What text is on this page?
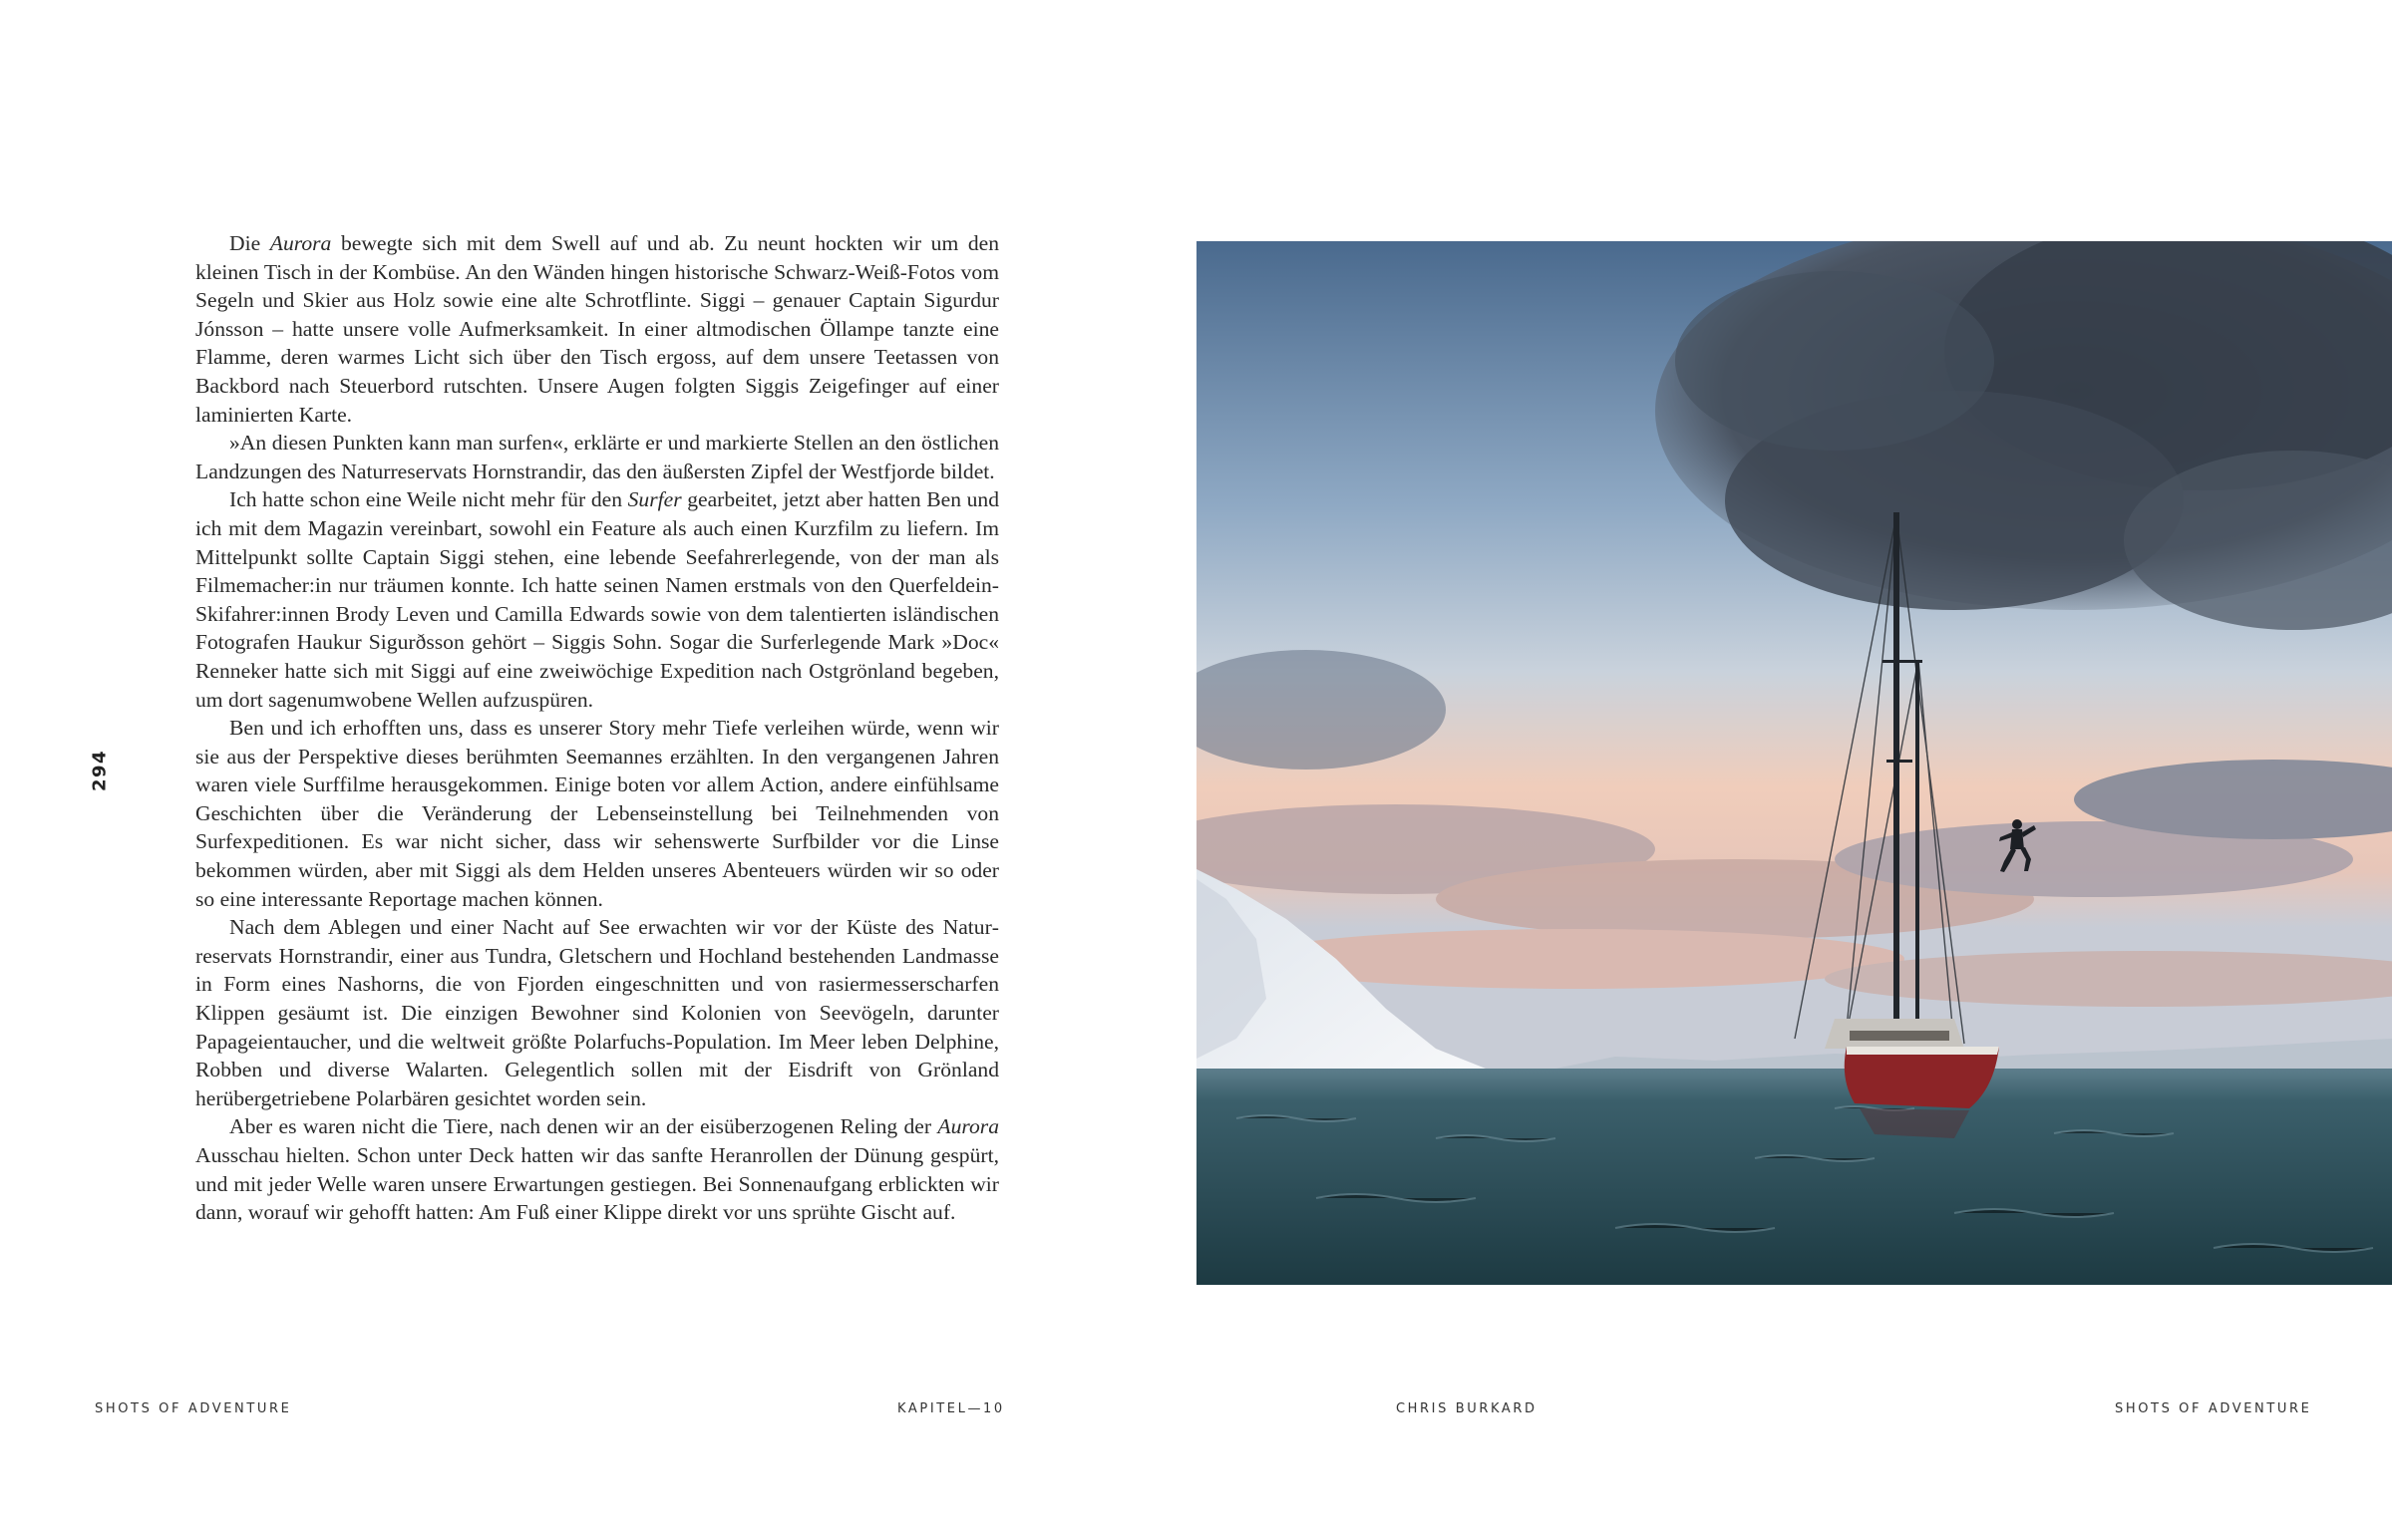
294

Die Aurora bewegte sich mit dem Swell auf und ab. Zu neunt hockten wir um den kleinen Tisch in der Kombüse. An den Wänden hingen historische Schwarz-Weiß-Fotos vom Segeln und Skier aus Holz sowie eine alte Schrotflinte. Siggi – genauer Captain Sigurdur Jónsson – hatte unsere volle Aufmerksamkeit. In einer altmodischen Öllampe tanzte eine Flamme, deren warmes Licht sich über den Tisch ergoss, auf dem unsere Teetassen von Backbord nach Steuerbord rutschten. Unsere Augen folgten Siggis Zeigefinger auf einer laminierten Karte.

»An diesen Punkten kann man surfen«, erklärte er und markierte Stellen an den östlichen Landzungen des Naturreservats Hornstrandir, das den äußersten Zipfel der Westfjorde bildet.

Ich hatte schon eine Weile nicht mehr für den Surfer gearbeitet, jetzt aber hatten Ben und ich mit dem Magazin vereinbart, sowohl ein Feature als auch einen Kurzfilm zu liefern. Im Mittelpunkt sollte Captain Siggi stehen, eine lebende Seefahrerlegende, von der man als Filmemacher:in nur träumen konnte. Ich hatte seinen Namen erstmals von den Querfeldein-Skifahrer:innen Brody Leven und Camilla Edwards sowie von dem talentierten isländischen Fotografen Haukur Sigurðsson gehört – Siggis Sohn. Sogar die Surferlegende Mark »Doc« Renneker hatte sich mit Siggi auf eine zweiwöchige Expedition nach Ostgrönland begeben, um dort sagenumwobene Wellen aufzuspüren.

Ben und ich erhofften uns, dass es unserer Story mehr Tiefe verleihen würde, wenn wir sie aus der Perspektive dieses berühmten Seemannes erzählten. In den vergangenen Jahren waren viele Surffilme herausgekommen. Einige boten vor allem Action, andere einfühlsame Geschichten über die Veränderung der Lebenseinstellung bei Teilnehmenden von Surfexpeditionen. Es war nicht sicher, dass wir sehenswerte Surfbilder vor die Linse bekommen würden, aber mit Siggi als dem Helden unseres Abenteuers würden wir so oder so eine interessante Reportage machen können.

Nach dem Ablegen und einer Nacht auf See erwachten wir vor der Küste des Naturreservats Hornstrandir, einer aus Tundra, Gletschern und Hochland bestehenden Landmasse in Form eines Nashorns, die von Fjorden eingeschnitten und von rasiermesserscharfen Klippen gesäumt ist. Die einzigen Bewohner sind Kolonien von Seevögeln, darunter Papageientaucher, und die weltweit größte Polarfuchs-Population. Im Meer leben Delphine, Robben und diverse Walarten. Gelegentlich sollen mit der Eisdrift von Grönland herübergetriebene Polarbären gesichtet worden sein.

Aber es waren nicht die Tiere, nach denen wir an der eisüberzogenen Reling der Aurora Ausschau hielten. Schon unter Deck hatten wir das sanfte Heranrollen der Dünung gespürt, und mit jeder Welle waren unsere Erwartungen gestiegen. Bei Sonnenaufgang erblickten wir dann, worauf wir gehofft hatten: Am Fuß einer Klippe direkt vor uns sprühte Gischt auf.

SHOTS OF ADVENTURE	KAPITEL—10	CHRIS BURKARD	SHOTS OF ADVENTURE
